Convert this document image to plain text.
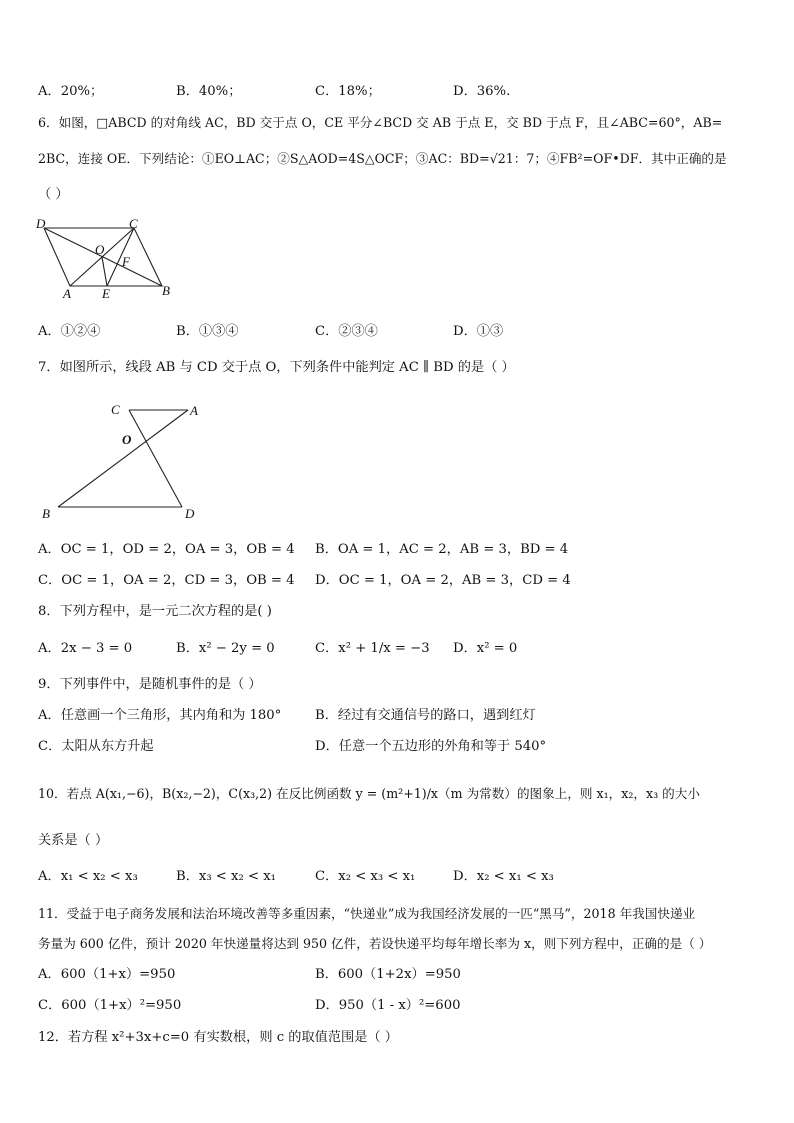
A．20%；	B．40%；	C．18%；	D．36%.
6．如图，□ABCD 的对角线 AC，BD 交于点 O，CE 平分∠BCD 交 AB 于点 E，交 BD 于点 F，且∠ABC=60°，AB=
2BC，连接 OE．下列结论：①EO⊥AC；②S△AOD=4S△OCF；③AC：BD=√21：7；④FB²=OF•DF．其中正确的是
（ ）
D	C
O
F
A E	B
A．①②④	B．①③④	C．②③④	D．①③
7．如图所示，线段 AB 与 CD 交于点 O，下列条件中能判定 AC ∥ BD 的是（ ）
C	A
O
B	D
A．OC = 1，OD = 2，OA = 3，OB = 4 B．OA = 1，AC = 2，AB = 3，BD = 4
C．OC = 1，OA = 2，CD = 3，OB = 4 D．OC = 1，OA = 2，AB = 3，CD = 4
8．下列方程中，是一元二次方程的是( )
A．2x − 3 = 0	B．x² − 2y = 0	C．x² + 1/x = −3 D．x² = 0
9．下列事件中，是随机事件的是（ ）
A．任意画一个三角形，其内角和为 180°	B．经过有交通信号的路口，遇到红灯
C．太阳从东方升起	D．任意一个五边形的外角和等于 540°
10．若点 A(x₁,−6)，B(x₂,−2)，C(x₃,2) 在反比例函数 y = (m²+1)/x（m 为常数）的图象上，则 x₁，x₂，x₃ 的大小
关系是（ ）
A．x₁ < x₂ < x₃	B．x₃ < x₂ < x₁	C．x₂ < x₃ < x₁	D．x₂ < x₁ < x₃
11．受益于电子商务发展和法治环境改善等多重因素，“快递业”成为我国经济发展的一匹“黑马”，2018 年我国快递业
务量为 600 亿件，预计 2020 年快递量将达到 950 亿件，若设快递平均每年增长率为 x，则下列方程中，正确的是（ ）
A．600（1+x）=950	B．600（1+2x）=950
C．600（1+x）²=950	D．950（1 - x）²=600
12．若方程 x²+3x+c=0 有实数根，则 c 的取值范围是（ ）
